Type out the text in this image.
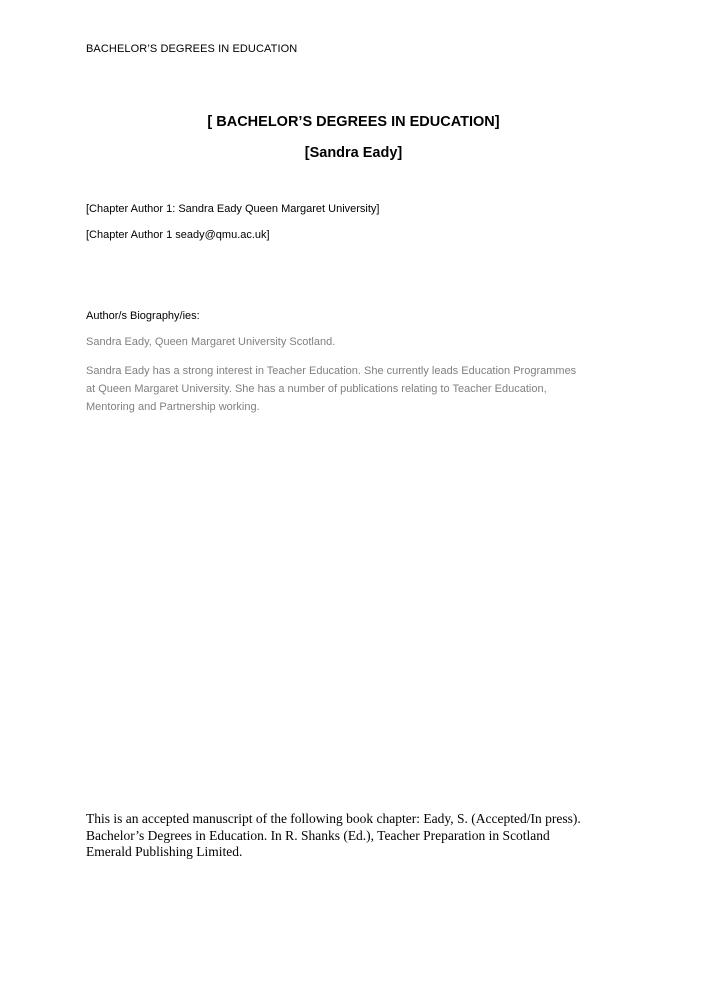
BACHELOR’S DEGREES IN EDUCATION
[ BACHELOR’S DEGREES IN EDUCATION]
[Sandra Eady]
[Chapter Author 1: Sandra Eady Queen Margaret University]
[Chapter Author 1 seady@qmu.ac.uk]
Author/s Biography/ies:
Sandra Eady, Queen Margaret University Scotland.
Sandra Eady has a strong interest in Teacher Education. She currently leads Education Programmes
at Queen Margaret University. She has a number of publications relating to Teacher Education,
Mentoring and Partnership working.
This is an accepted manuscript of the following book chapter: Eady, S. (Accepted/In press).
Bachelor’s Degrees in Education. In R. Shanks (Ed.), Teacher Preparation in Scotland
Emerald Publishing Limited.
